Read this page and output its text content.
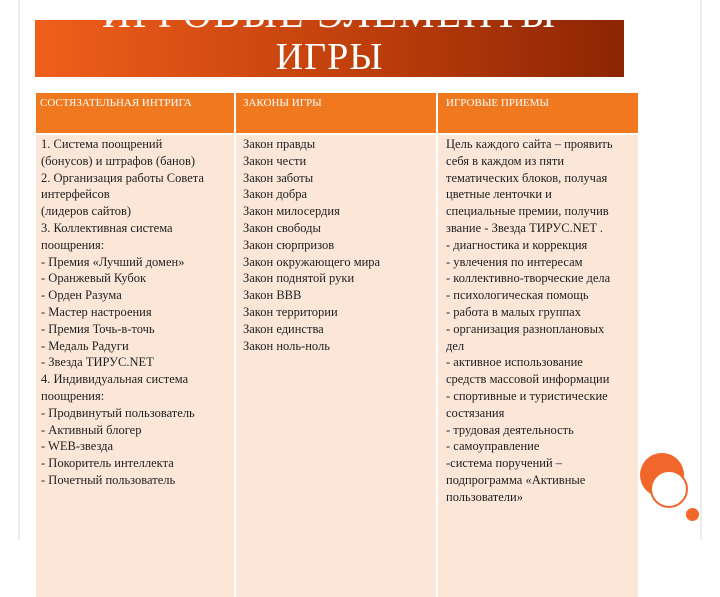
ИГРОВЫЕ ЭЛЕМЕНТЫ
ИГРЫ
СОСТЯЗАТЕЛЬНАЯ ИНТРИГА	ЗАКОНЫ ИГРЫ	ИГРОВЫЕ ПРИЕМЫ
1. Система поощрений
(бонусов) и штрафов (банов)
2. Организация работы Совета
интерфейсов
(лидеров сайтов)
3. Коллективная система
поощрения:
- Премия «Лучший домен»
- Оранжевый Кубок
- Орден Разума
- Мастер настроения
- Премия Точь-в-точь
- Медаль Радуги
- Звезда ТИРУС.NET
4. Индивидуальная система
поощрения:
- Продвинутый пользователь
- Активный блогер
- WEB-звезда
- Покоритель интеллекта
- Почетный пользователь
Закон правды
Закон чести
Закон заботы
Закон добра
Закон милосердия
Закон свободы
Закон сюрпризов
Закон окружающего мира
Закон поднятой руки
Закон ВВВ
Закон территории
Закон единства
Закон ноль-ноль
Цель каждого сайта – проявить
себя в каждом из пяти
тематических блоков, получая
цветные ленточки и
специальные премии, получив
звание - Звезда ТИРУС.NET .
- диагностика и коррекция
- увлечения по интересам
- коллективно-творческие дела
- психологическая помощь
- работа в малых группах
- организация разноплановых
дел
- активное использование
средств массовой информации
- спортивные и туристические
состязания
- трудовая деятельность
- самоуправление
-система поручений –
подпрограмма «Активные
пользователи»
